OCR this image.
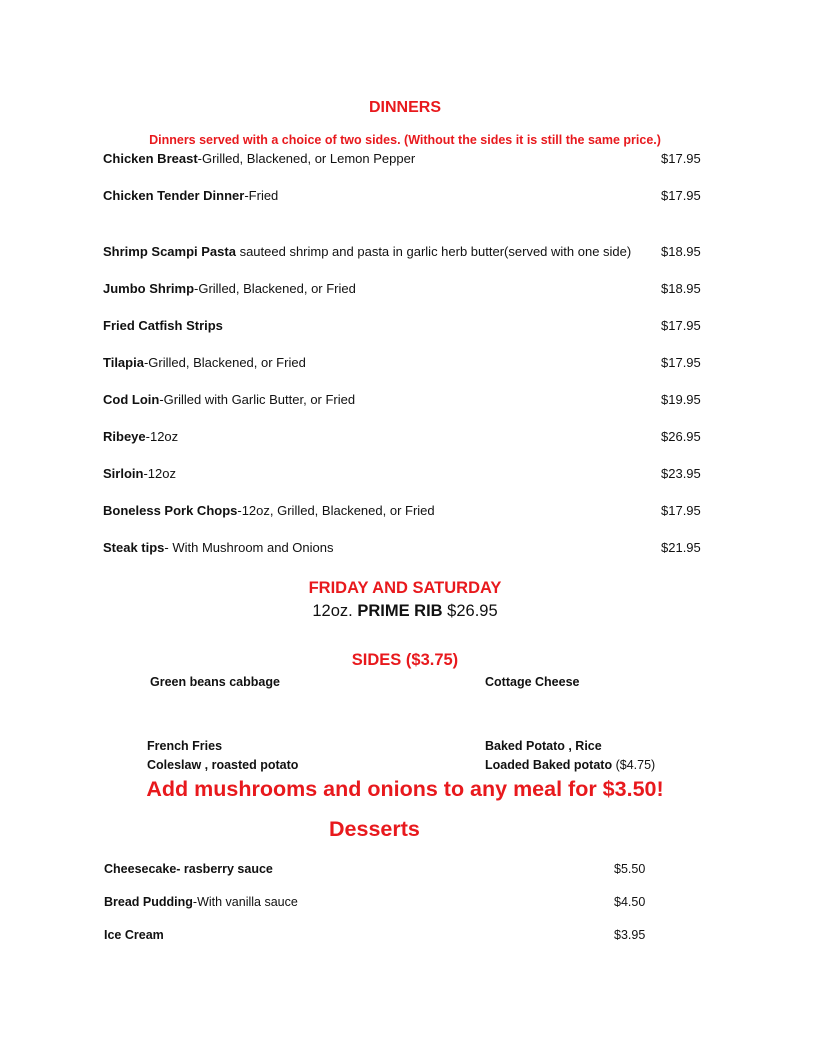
DINNERS
Dinners served with a choice of two sides. (Without the sides it is still the same price.)
Chicken Breast-Grilled, Blackened, or Lemon Pepper	$17.95
Chicken Tender Dinner-Fried	$17.95
Shrimp Scampi Pasta sauteed shrimp and pasta in garlic herb butter(served with one side) $18.95
Jumbo Shrimp-Grilled, Blackened, or Fried	$18.95
Fried Catfish Strips	$17.95
Tilapia-Grilled, Blackened, or Fried	$17.95
Cod Loin-Grilled with Garlic Butter, or Fried	$19.95
Ribeye-12oz	$26.95
Sirloin-12oz	$23.95
Boneless Pork Chops-12oz, Grilled, Blackened, or Fried	$17.95
Steak tips- With Mushroom and Onions	$21.95
FRIDAY AND SATURDAY
12oz. PRIME RIB $26.95
SIDES ($3.75)
Green beans cabbage	Cottage Cheese
French Fries	Baked Potato , Rice
Coleslaw , roasted potato	Loaded Baked potato ($4.75)
Add mushrooms and onions to any meal for $3.50!
Desserts
Cheesecake- rasberry sauce	$5.50
Bread Pudding-With vanilla sauce	$4.50
Ice Cream	$3.95
